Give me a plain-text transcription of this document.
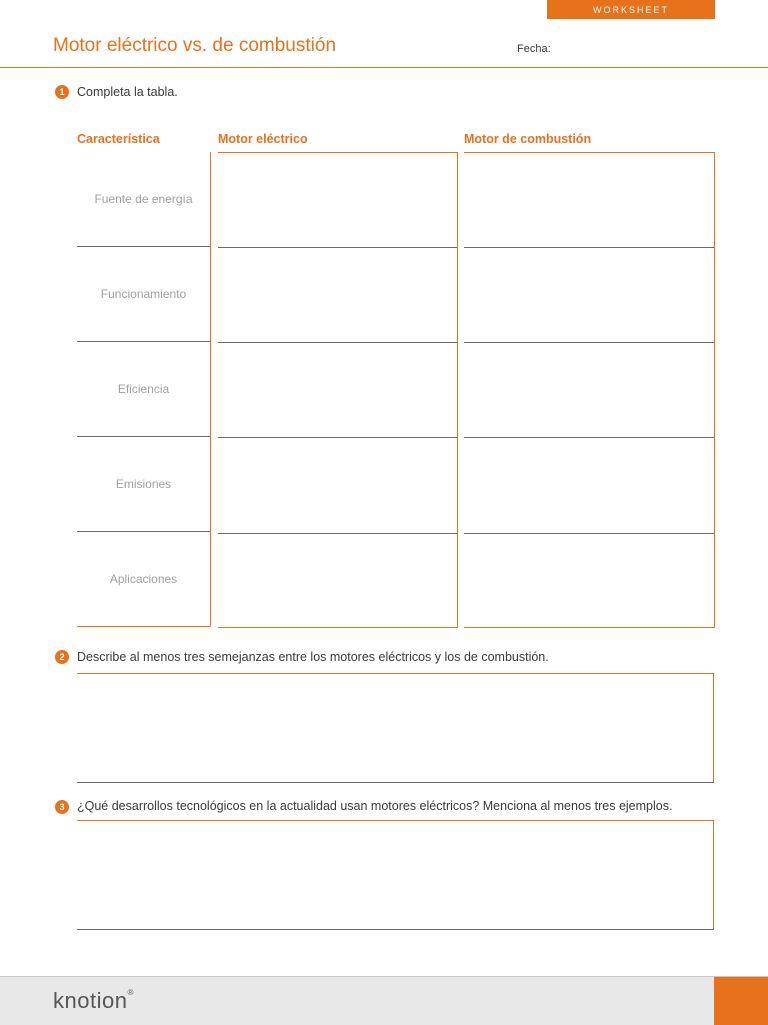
WORKSHEET
Motor eléctrico vs. de combustión	Fecha:
1	Completa la tabla.
Característica	Motor eléctrico	Motor de combustión
Fuente de energía
Funcionamiento
Eficiencia
Emisiones
Aplicaciones
2	Describe al menos tres semejanzas entre los motores eléctricos y los de combustión.
3	¿Qué desarrollos tecnológicos en la actualidad usan motores eléctricos? Menciona al menos tres ejemplos.
knotion®
